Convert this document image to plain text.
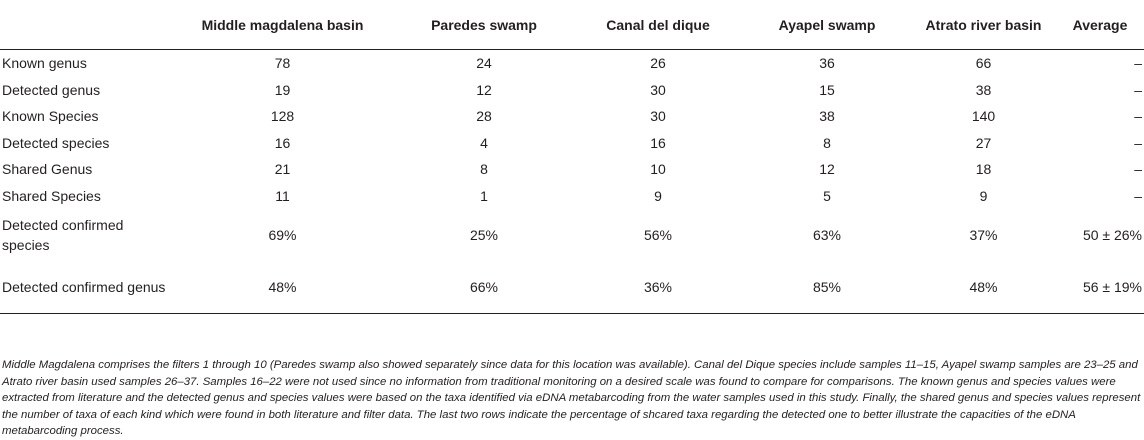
	Middle magdalena basin	Paredes swamp	Canal del dique	Ayapel swamp	Atrato river basin	Average
Known genus	78	24	26	36	66	–
Detected genus	19	12	30	15	38	–
Known Species	128	28	30	38	140	–
Detected species	16	4	16	8	27	–
Shared Genus	21	8	10	12	18	–
Shared Species	11	1	9	5	9	–
Detected confirmed species	69%	25%	56%	63%	37%	50 ± 26%
Detected confirmed genus	48%	66%	36%	85%	48%	56 ± 19%

Middle Magdalena comprises the filters 1 through 10 (Paredes swamp also showed separately since data for this location was available). Canal del Dique species include samples 11–15, Ayapel swamp samples are 23–25 and Atrato river basin used samples 26–37. Samples 16–22 were not used since no information from traditional monitoring on a desired scale was found to compare for comparisons. The known genus and species values were extracted from literature and the detected genus and species values were based on the taxa identified via eDNA metabarcoding from the water samples used in this study. Finally, the shared genus and species values represent the number of taxa of each kind which were found in both literature and filter data. The last two rows indicate the percentage of shcared taxa regarding the detected one to better illustrate the capacities of the eDNA metabarcoding process.
